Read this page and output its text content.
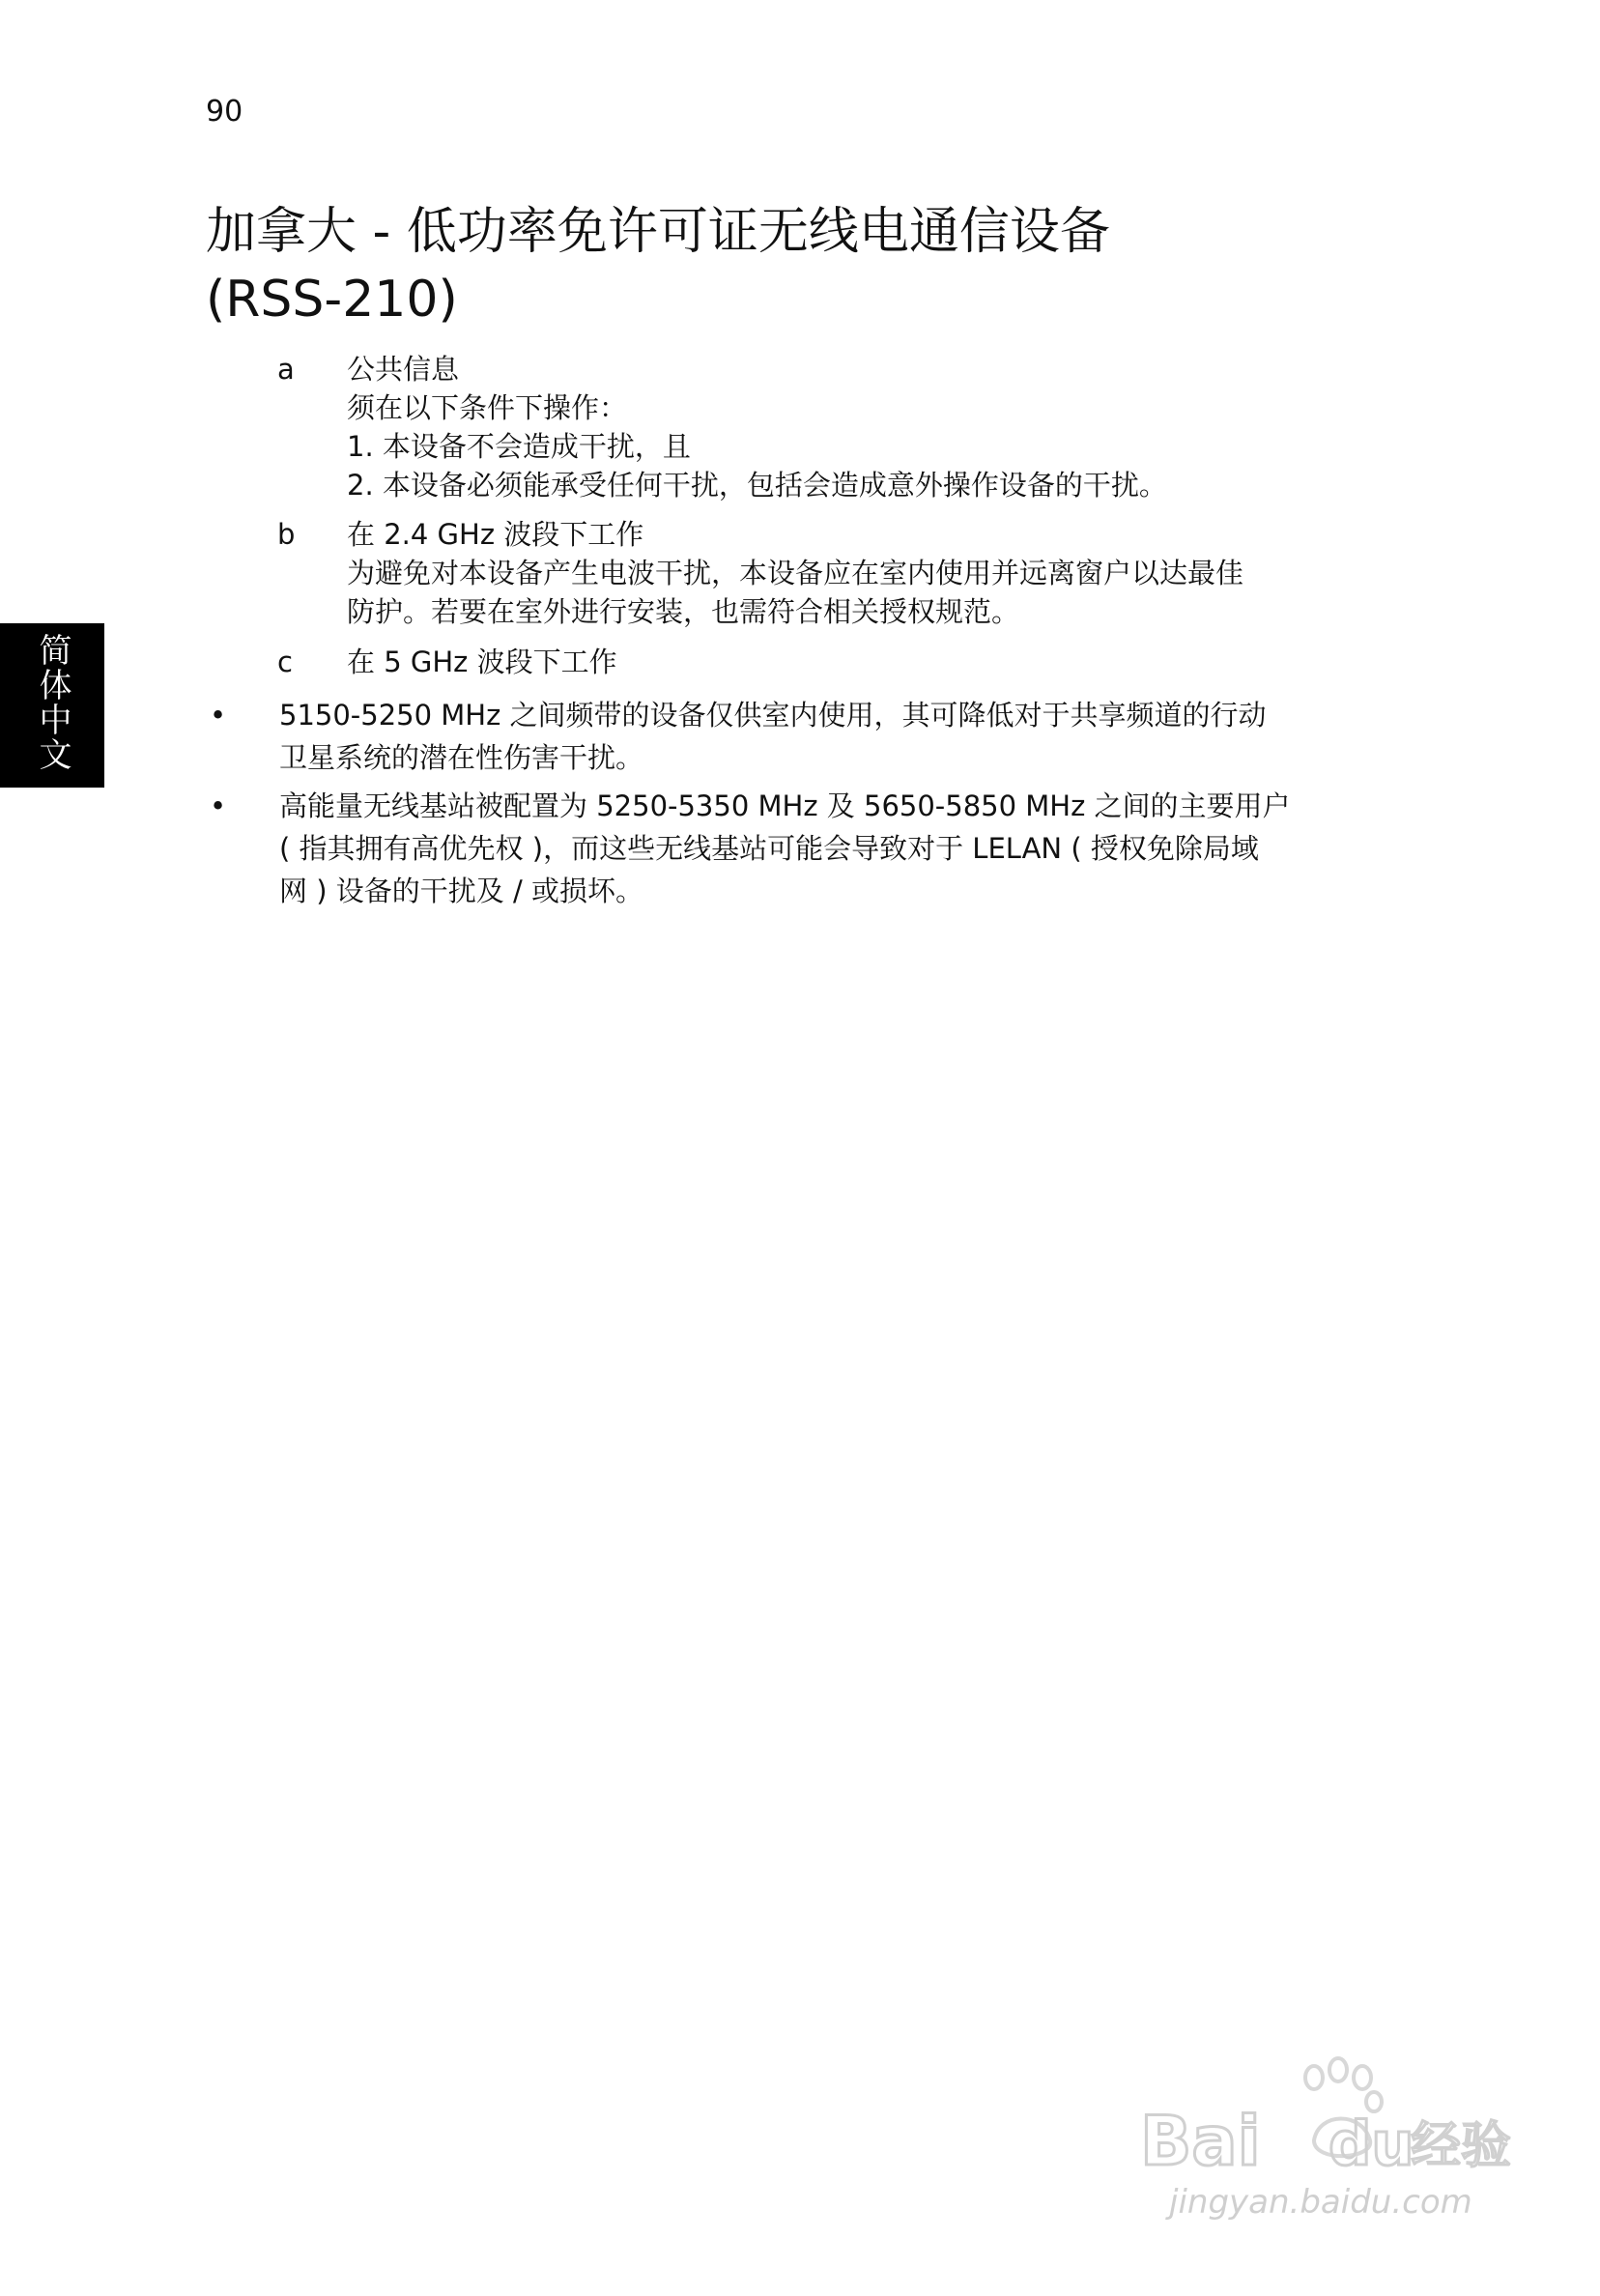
90
加拿大 - 低功率免许可证无线电通信设备
(RSS-210)
a	公共信息
须在以下条件下操作：
1. 本设备不会造成干扰，且
2. 本设备必须能承受任何干扰，包括会造成意外操作设备的干扰。
b	在 2.4 GHz 波段下工作
为避免对本设备产生电波干扰，本设备应在室内使用并远离窗户以达最佳
防护。若要在室外进行安装，也需符合相关授权规范。
c	在 5 GHz 波段下工作
• 5150-5250 MHz 之间频带的设备仅供室内使用，其可降低对于共享频道的行动
卫星系统的潜在性伤害干扰。
• 高能量无线基站被配置为 5250-5350 MHz 及 5650-5850 MHz 之间的主要用户
( 指其拥有高优先权 )，而这些无线基站可能会导致对于 LELAN ( 授权免除局域
网 ) 设备的干扰及 / 或损坏。
简体中文
Bai du
经验
jingyan.baidu.com
